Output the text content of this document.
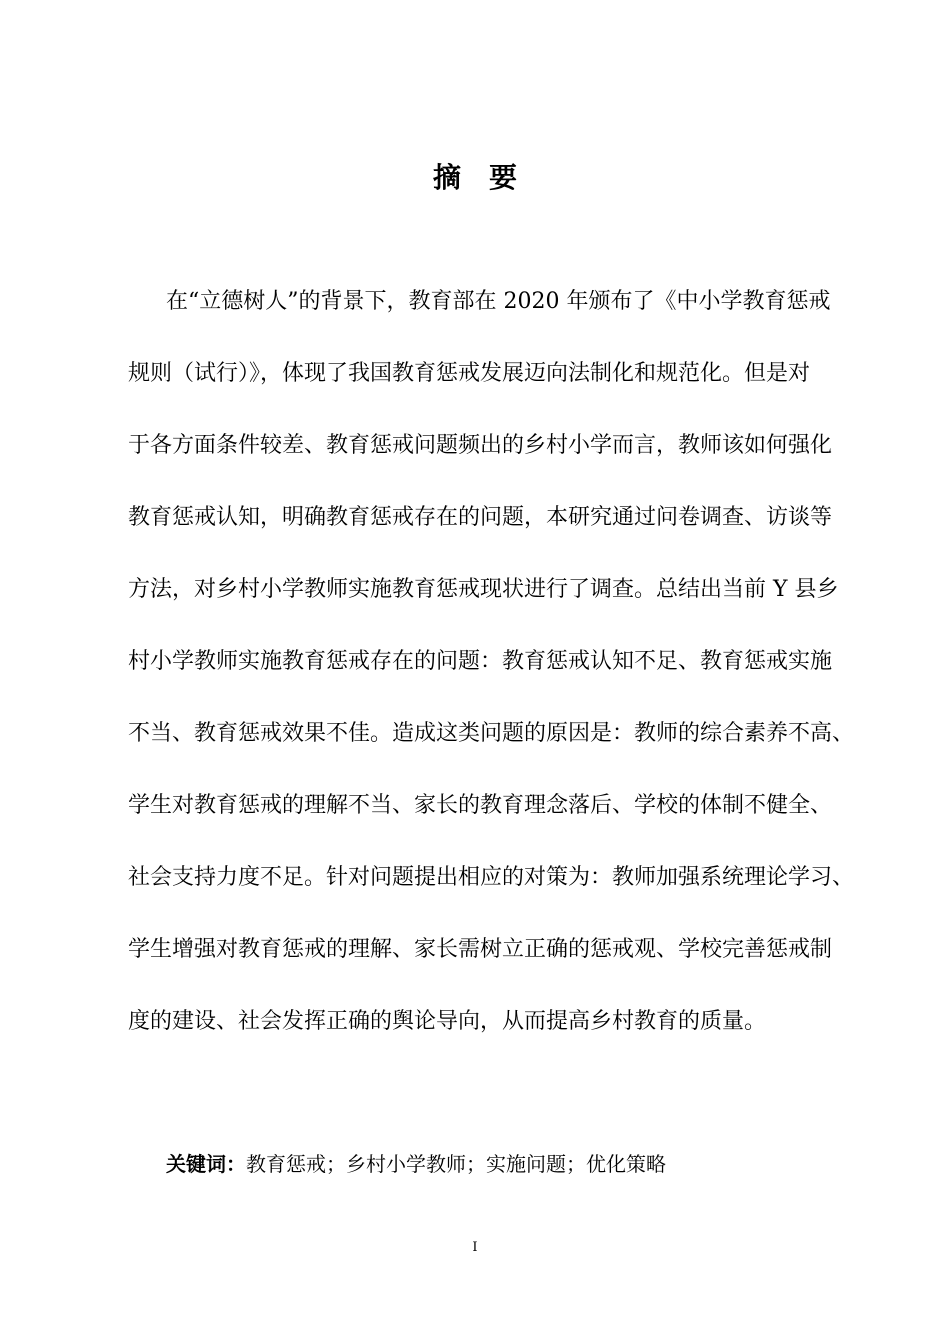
摘要
在“立德树人”的背景下，教育部在 2020 年颁布了《中小学教育惩戒
规则（试行）》，体现了我国教育惩戒发展迈向法制化和规范化。但是对
于各方面条件较差、教育惩戒问题频出的乡村小学而言，教师该如何强化
教育惩戒认知，明确教育惩戒存在的问题，本研究通过问卷调查、访谈等
方法，对乡村小学教师实施教育惩戒现状进行了调查。总结出当前 Y 县乡
村小学教师实施教育惩戒存在的问题：教育惩戒认知不足、教育惩戒实施
不当、教育惩戒效果不佳。造成这类问题的原因是：教师的综合素养不高、
学生对教育惩戒的理解不当、家长的教育理念落后、学校的体制不健全、
社会支持力度不足。针对问题提出相应的对策为：教师加强系统理论学习、
学生增强对教育惩戒的理解、家长需树立正确的惩戒观、学校完善惩戒制
度的建设、社会发挥正确的舆论导向，从而提高乡村教育的质量。
关键词：教育惩戒；乡村小学教师；实施问题；优化策略
I
